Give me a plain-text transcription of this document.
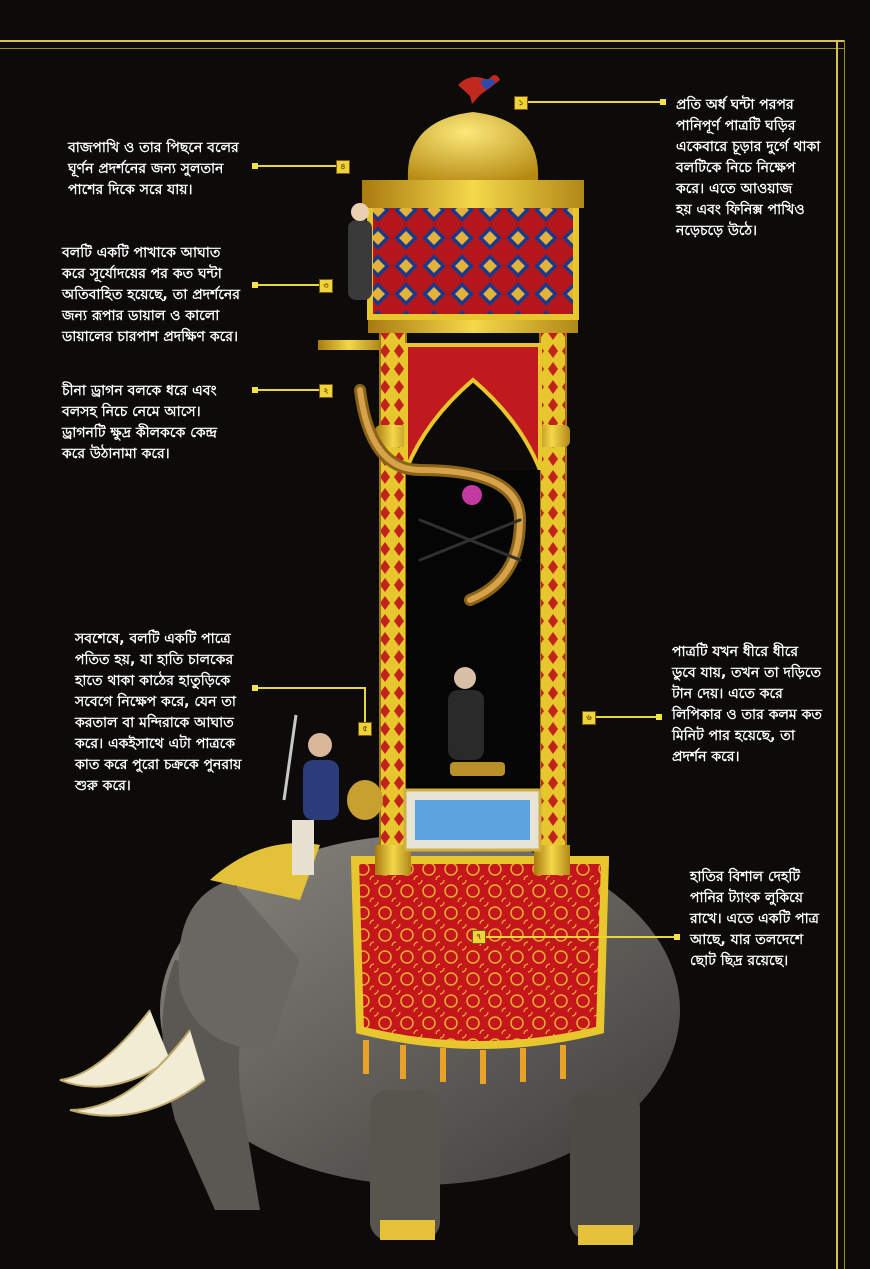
বাজপাখি ও তার পিছনে বলের
ঘূর্ণন প্রদর্শনের জন্য সুলতান
পাশের দিকে সরে যায়।
বলটি একটি পাখাকে আঘাত
করে সূর্যোদয়ের পর কত ঘন্টা
অতিবাহিত হয়েছে, তা প্রদর্শনের
জন্য রূপার ডায়াল ও কালো
ডায়ালের চারপাশ প্রদক্ষিণ করে।
চীনা ড্রাগন বলকে ধরে এবং
বলসহ নিচে নেমে আসে।
ড্রাগনটি ক্ষুদ্র কীলককে কেন্দ্র
করে উঠানামা করে।
সবশেষে, বলটি একটি পাত্রে
পতিত হয়, যা হাতি চালকের
হাতে থাকা কাঠের হাতুড়িকে
সবেগে নিক্ষেপ করে, যেন তা
করতাল বা মন্দিরাকে আঘাত
করে। একইসাথে এটা পাত্রকে
কাত করে পুরো চক্রকে পুনরায়
শুরু করে।
প্রতি অর্ধ ঘন্টা পরপর
পানিপূর্ণ পাত্রটি ঘড়ির
একেবারে চূড়ার দুর্গে থাকা
বলটিকে নিচে নিক্ষেপ
করে। এতে আওয়াজ
হয় এবং ফিনিক্স পাখিও
নড়েচড়ে উঠে।
পাত্রটি যখন ধীরে ধীরে
ডুবে যায়, তখন তা দড়িতে
টান দেয়। এতে করে
লিপিকার ও তার কলম কত
মিনিট পার হয়েছে, তা
প্রদর্শন করে।
হাতির বিশাল দেহটি
পানির ট্যাংক লুকিয়ে
রাখে। এতে একটি পাত্র
আছে, যার তলদেশে
ছোট ছিদ্র রয়েছে।
৪
৩
২
৫
১
৬
৭
